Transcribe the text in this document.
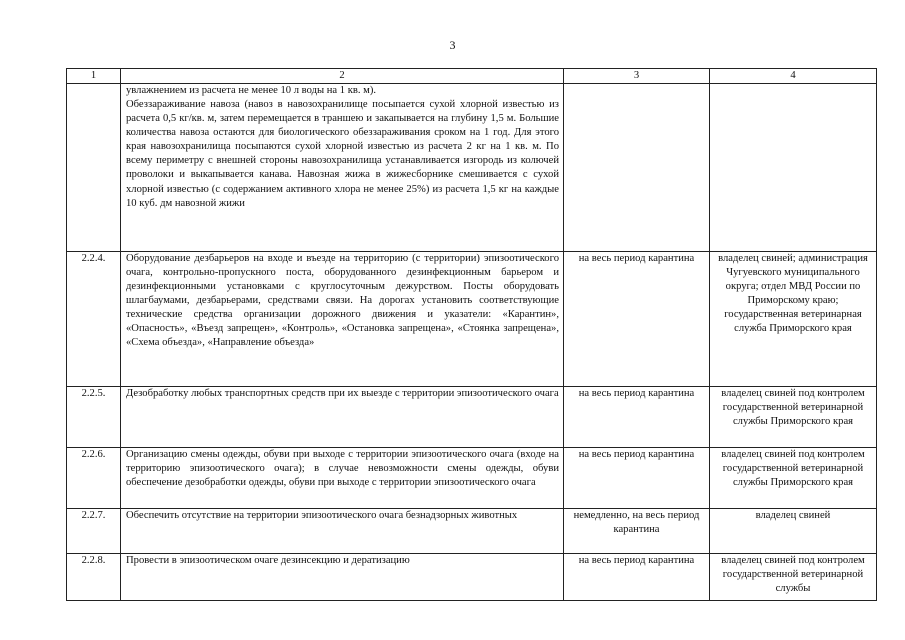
3
1	2	3	4
	увлажнением из расчета не менее 10 л воды на 1 кв. м).
Обеззараживание навоза (навоз в навозохранилище посыпается сухой хлорной известью из расчета 0,5 кг/кв. м, затем перемещается в траншею и закапывается на глубину 1,5 м. Большие количества навоза остаются для биологического обеззараживания сроком на 1 год. Для этого края навозохранилища посыпаются сухой хлорной известью из расчета 2 кг на 1 кв. м. По всему периметру с внешней стороны навозохранилища устанавливается изгородь из колючей проволоки и выкапывается канава. Навозная жижа в жижесборнике смешивается с сухой хлорной известью (с содержанием активного хлора не менее 25%) из расчета 1,5 кг на каждые 10 куб. дм навозной жижи		
2.2.4.	Оборудование дезбарьеров на входе и въезде на территорию (с территории) эпизоотического очага, контрольно-пропускного поста, оборудованного дезинфекционным барьером и дезинфекционными установками с круглосуточным дежурством. Посты оборудовать шлагбаумами, дезбарьерами, средствами связи. На дорогах установить соответствующие технические средства организации дорожного движения и указатели: «Карантин», «Опасность», «Въезд запрещен», «Контроль», «Остановка запрещена», «Стоянка запрещена», «Схема объезда», «Направление объезда»	на весь период карантина	владелец свиней; администрация Чугуевского муниципального округа; отдел МВД России по Приморскому краю; государственная ветеринарная служба Приморского края
2.2.5.	Дезобработку любых транспортных средств при их выезде с территории эпизоотического очага	на весь период карантина	владелец свиней под контролем государственной ветеринарной службы Приморского края
2.2.6.	Организацию смены одежды, обуви при выходе с территории эпизоотического очага (входе на территорию эпизоотического очага); в случае невозможности смены одежды, обуви обеспечение дезобработки одежды, обуви при выходе с территории эпизоотического очага	на весь период карантина	владелец свиней под контролем государственной ветеринарной службы Приморского края
2.2.7.	Обеспечить отсутствие на территории эпизоотического очага безнадзорных животных	немедленно, на весь период карантина	владелец свиней
2.2.8.	Провести в эпизоотическом очаге дезинсекцию и дератизацию	на весь период карантина	владелец свиней под контролем государственной ветеринарной службы
